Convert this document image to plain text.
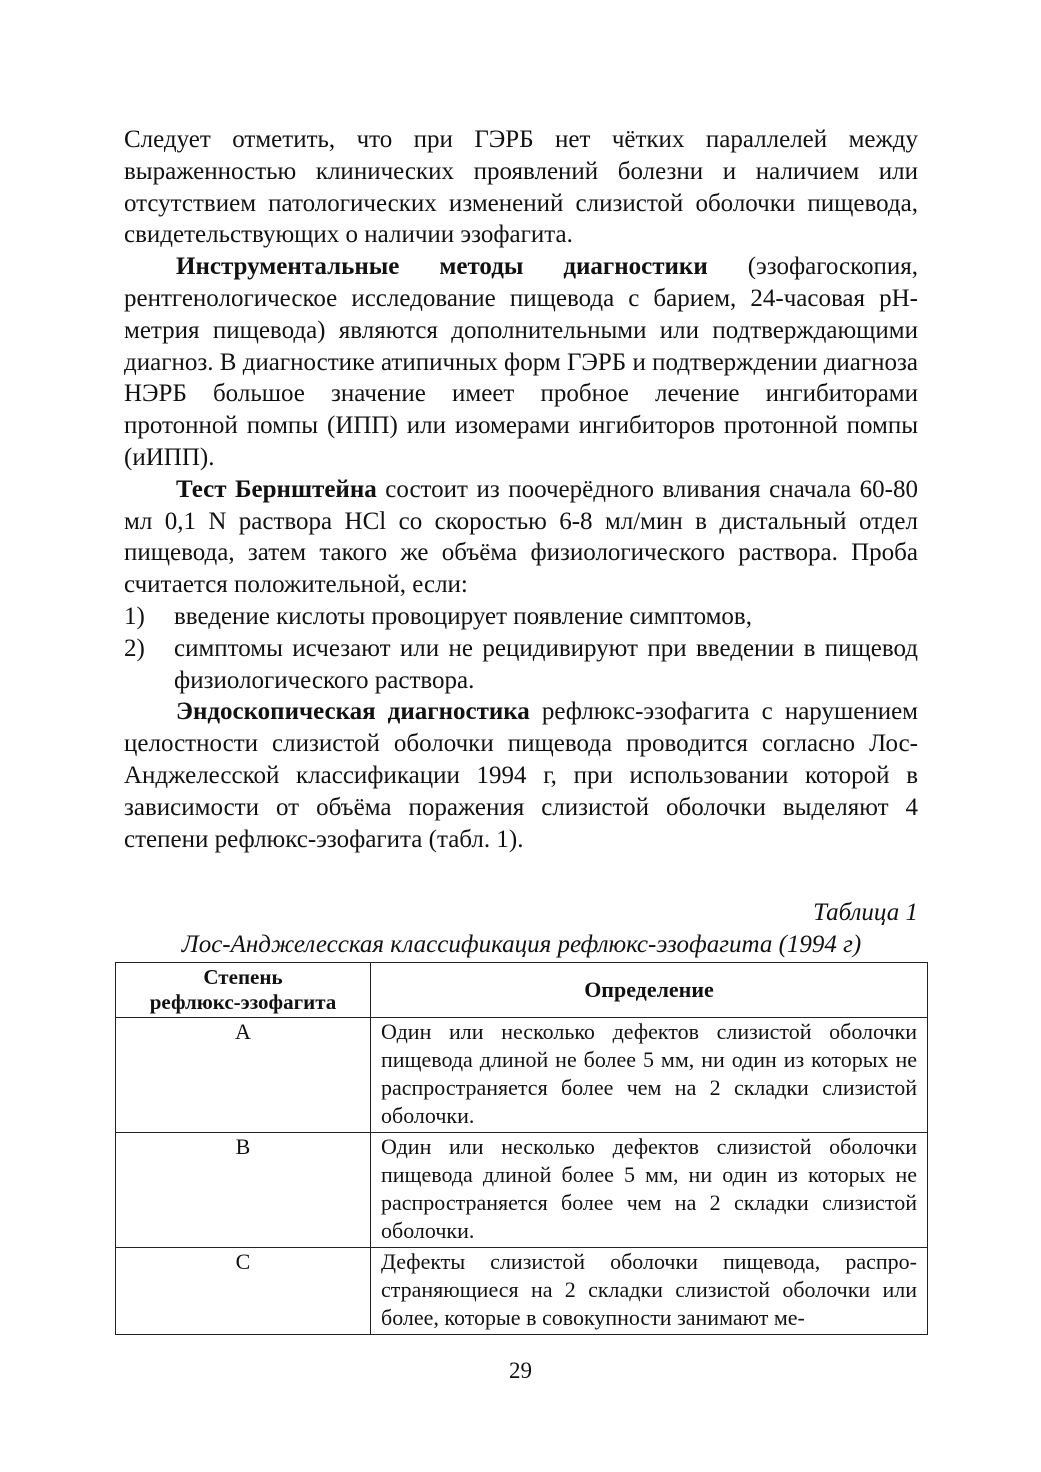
Следует отметить, что при ГЭРБ нет чётких параллелей между выраженностью клинических проявлений болезни и наличием или отсутствием патологических изменений слизистой оболочки пищевода, свидетельствующих о наличии эзофагита.

Инструментальные методы диагностики (эзофагоскопия, рентгенологическое исследование пищевода с барием, 24-часовая pH-метрия пищевода) являются дополнительными или подтверждающими диагноз. В диагностике атипичных форм ГЭРБ и подтверждении диагноза НЭРБ большое значение имеет пробное лечение ингибиторами протонной помпы (ИПП) или изомерами ингибиторов протонной помпы (иИПП).

Тест Бернштейна состоит из поочерёдного вливания сначала 60-80 мл 0,1 N раствора HCl со скоростью 6-8 мл/мин в дистальный отдел пищевода, затем такого же объёма физиологического раствора. Проба считается положительной, если:

1) введение кислоты провоцирует появление симптомов,
2) симптомы исчезают или не рецидивируют при введении в пищевод физиологического раствора.

Эндоскопическая диагностика рефлюкс-эзофагита с нарушением целостности слизистой оболочки пищевода проводится согласно Лос-Анджелесской классификации 1994 г, при использовании которой в зависимости от объёма поражения слизистой оболочки выделяют 4 степени рефлюкс-эзофагита (табл. 1).

Таблица 1
Лос-Анджелесская классификация рефлюкс-эзофагита (1994 г)
Степень
рефлюкс-эзофагита	Определение
A	Один или несколько дефектов слизистой оболочки пищевода длиной не более 5 мм, ни один из которых не распространяется более чем на 2 складки слизистой оболочки.
B	Один или несколько дефектов слизистой оболочки пищевода длиной более 5 мм, ни один из которых не распространяется более чем на 2 складки слизистой оболочки.
C	Дефекты слизистой оболочки пищевода, распространяющиеся на 2 складки слизистой оболочки или более, которые в совокупности занимают ме-
29
